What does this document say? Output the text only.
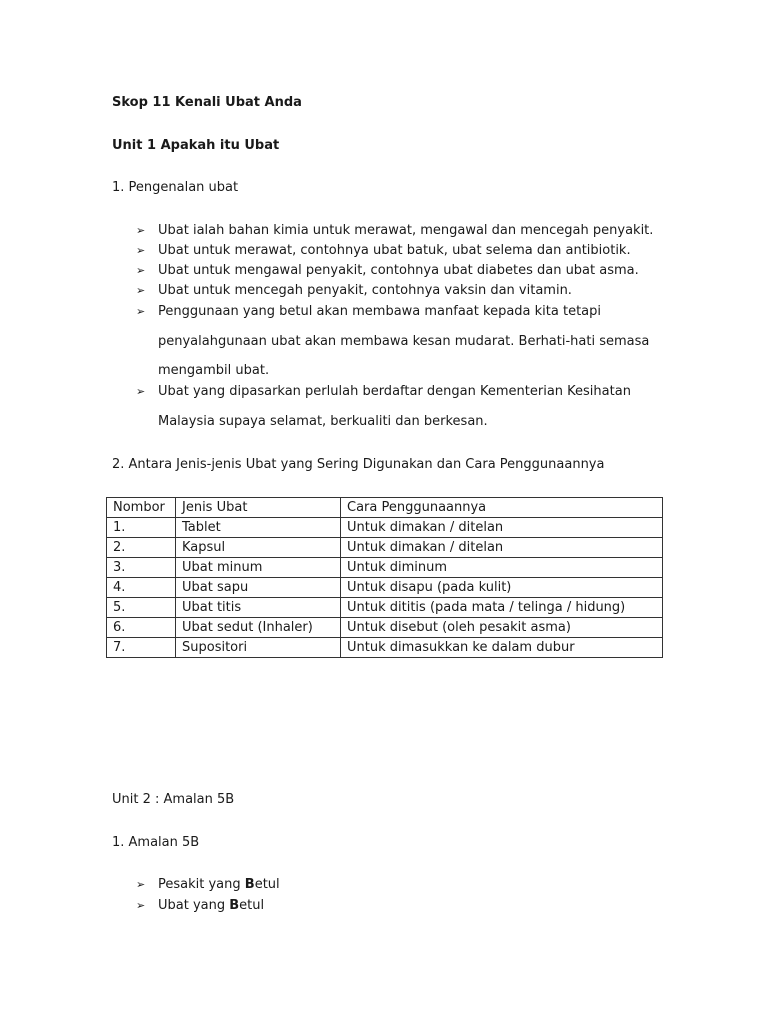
Skop 11 Kenali Ubat Anda
Unit 1 Apakah itu Ubat
1. Pengenalan ubat
➢ Ubat ialah bahan kimia untuk merawat, mengawal dan mencegah penyakit.
➢ Ubat untuk merawat, contohnya ubat batuk, ubat selema dan antibiotik.
➢ Ubat untuk mengawal penyakit, contohnya ubat diabetes dan ubat asma.
➢ Ubat untuk mencegah penyakit, contohnya vaksin dan vitamin.
➢ Penggunaan yang betul akan membawa manfaat kepada kita tetapi
penyalahgunaan ubat akan membawa kesan mudarat. Berhati-hati semasa
mengambil ubat.
➢ Ubat yang dipasarkan perlulah berdaftar dengan Kementerian Kesihatan
Malaysia supaya selamat, berkualiti dan berkesan.
2. Antara Jenis-jenis Ubat yang Sering Digunakan dan Cara Penggunaannya
Nombor	Jenis Ubat	Cara Penggunaannya
1.	Tablet	Untuk dimakan / ditelan
2.	Kapsul	Untuk dimakan / ditelan
3.	Ubat minum	Untuk diminum
4.	Ubat sapu	Untuk disapu (pada kulit)
5.	Ubat titis	Untuk dititis (pada mata / telinga / hidung)
6.	Ubat sedut (Inhaler)	Untuk disebut (oleh pesakit asma)
7.	Supositori	Untuk dimasukkan ke dalam dubur
Unit 2 : Amalan 5B
1. Amalan 5B
➢ Pesakit yang Betul
➢ Ubat yang Betul
